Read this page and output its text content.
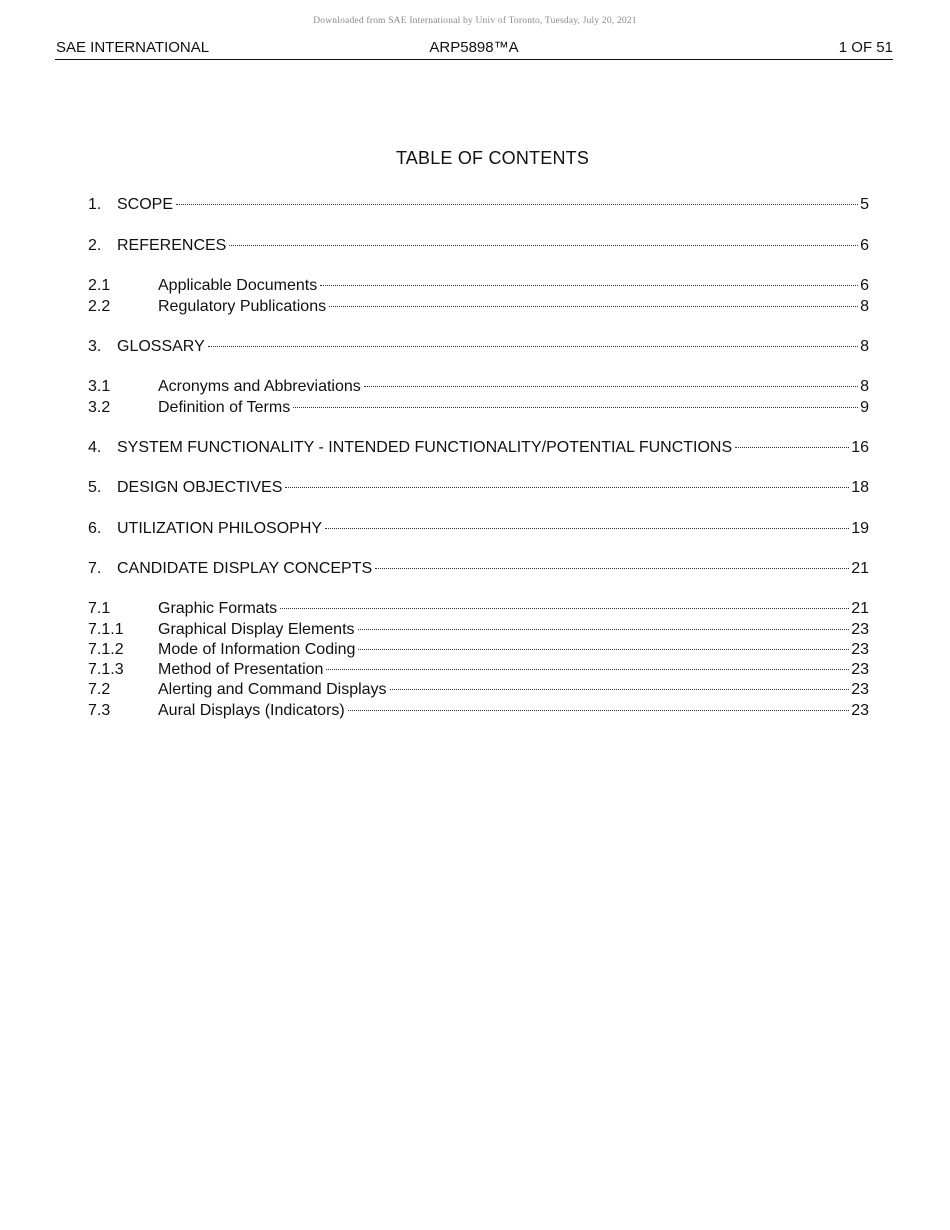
Downloaded from SAE International by Univ of Toronto, Tuesday, July 20, 2021
ARP5898™A
SAE INTERNATIONAL	1 OF 51
TABLE OF CONTENTS
1. SCOPE	5
2. REFERENCES	6
2.1	Applicable Documents	6
2.2	Regulatory Publications	8
3. GLOSSARY	8
3.1	Acronyms and Abbreviations	8
3.2	Definition of Terms	9
4. SYSTEM FUNCTIONALITY - INTENDED FUNCTIONALITY/POTENTIAL FUNCTIONS	16
5. DESIGN OBJECTIVES	18
6. UTILIZATION PHILOSOPHY	19
7. CANDIDATE DISPLAY CONCEPTS	21
7.1	Graphic Formats	21
7.1.1	Graphical Display Elements	23
7.1.2	Mode of Information Coding	23
7.1.3	Method of Presentation	23
7.2	Alerting and Command Displays	23
7.3	Aural Displays (Indicators)	23
